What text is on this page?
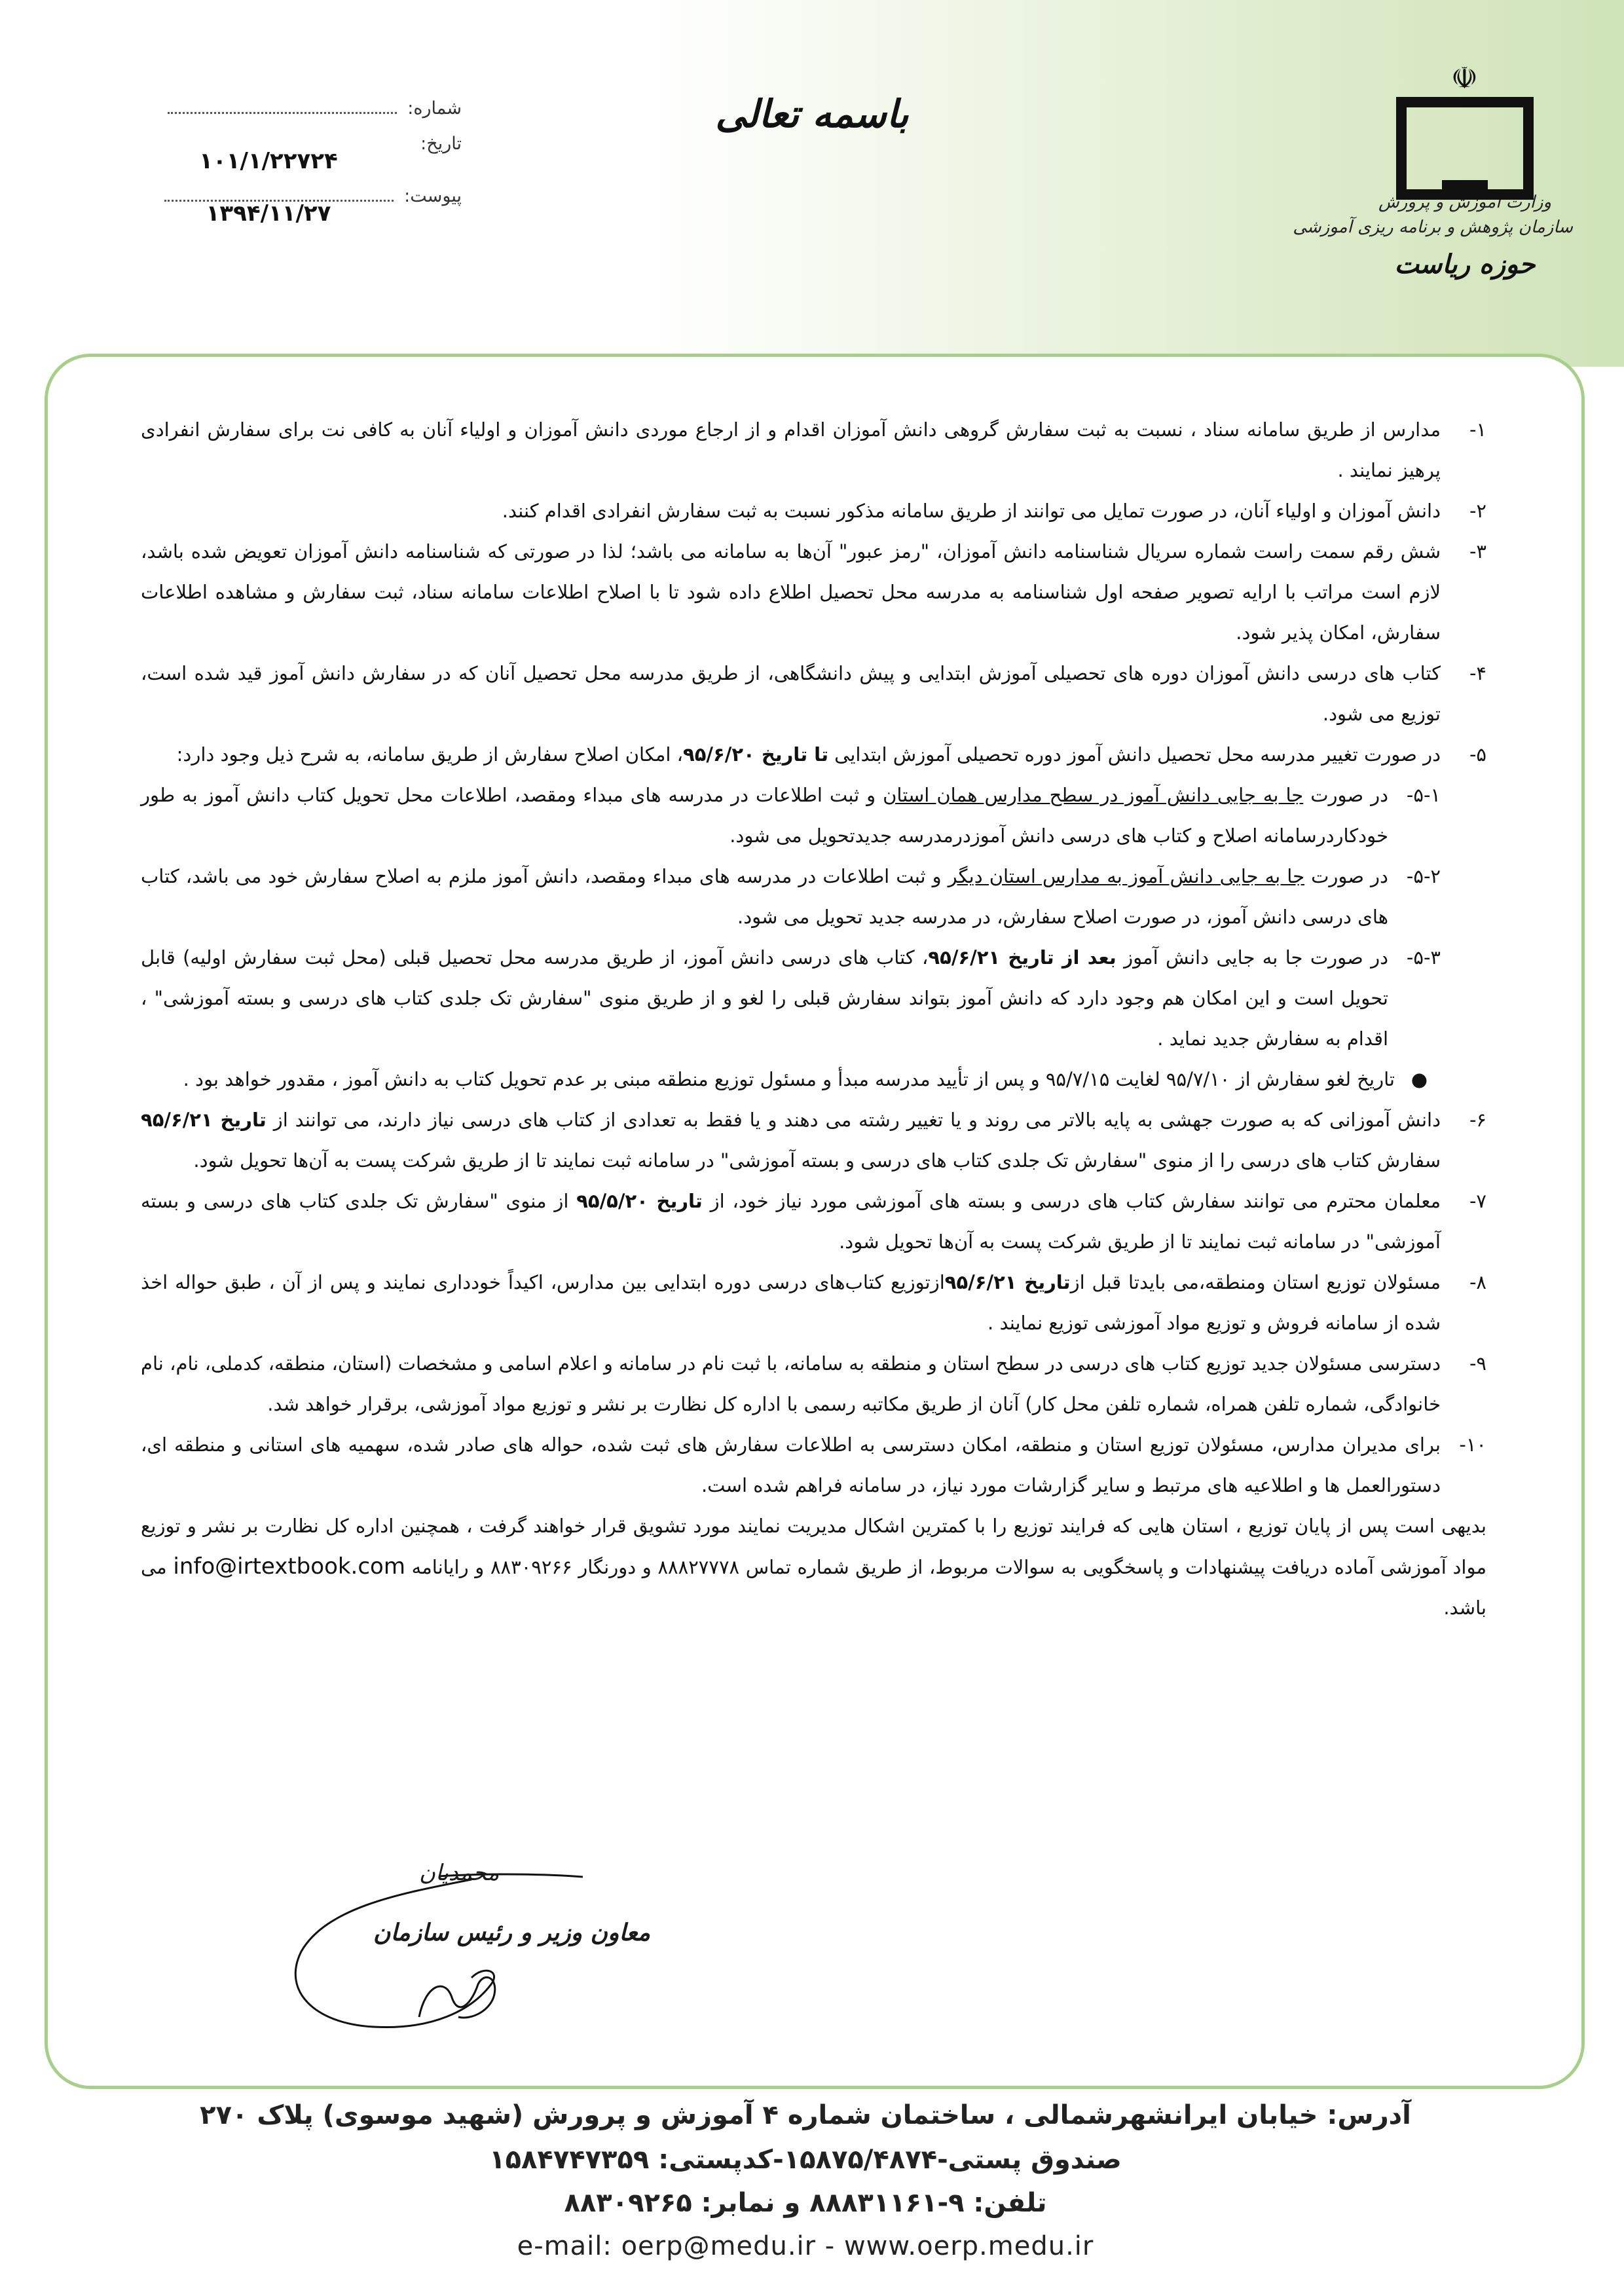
☫
وزارت آموزش و پرورش
سازمان پژوهش و برنامه ریزی آموزشی
حوزه ریاست
باسمه تعالی
شماره:
تاریخ:
۱۰۱/۱/۲۲۷۲۴
پیوست:
۱۳۹۴/۱۱/۲۷
۱-
مدارس از طریق سامانه سناد ، نسبت به ثبت سفارش گروهی دانش آموزان اقدام و از ارجاع موردی دانش آموزان و اولیاء آنان به کافی نت برای سفارش انفرادی پرهیز نمایند .
۲-
دانش آموزان و اولیاء آنان، در صورت تمایل می توانند از طریق سامانه مذکور نسبت به ثبت سفارش انفرادی اقدام کنند.
۳-
شش رقم سمت راست شماره سریال شناسنامه دانش آموزان، "رمز عبور" آن‌ها به سامانه می باشد؛ لذا در صورتی که شناسنامه دانش آموزان تعویض شده باشد، لازم است مراتب با ارایه تصویر صفحه اول شناسنامه به مدرسه محل تحصیل اطلاع داده شود تا با اصلاح اطلاعات سامانه سناد، ثبت سفارش و مشاهده اطلاعات سفارش، امکان پذیر شود.
۴-
کتاب های درسی دانش آموزان دوره های تحصیلی آموزش ابتدایی و پیش دانشگاهی، از طریق مدرسه محل تحصیل آنان که در سفارش دانش آموز قید شده است، توزیع می شود.
۵-
در صورت تغییر مدرسه محل تحصیل دانش آموز دوره تحصیلی آموزش ابتدایی تا تاریخ ۹۵/۶/۲۰، امکان اصلاح سفارش از طریق سامانه، به شرح ذیل وجود دارد:
۵-۱-
در صورت جا به جایی دانش آموز در سطح مدارس همان استان و ثبت اطلاعات در مدرسه های مبداء ومقصد، اطلاعات محل تحویل کتاب دانش آموز به طور خودکاردرسامانه اصلاح و کتاب های درسی دانش آموزدرمدرسه جدیدتحویل می شود.
۵-۲-
در صورت جا به جایی دانش آموز به مدارس استان دیگر و ثبت اطلاعات در مدرسه های مبداء ومقصد، دانش آموز ملزم به اصلاح سفارش خود می باشد، کتاب های درسی دانش آموز، در صورت اصلاح سفارش، در مدرسه جدید تحویل می شود.
۵-۳-
در صورت جا به جایی دانش آموز بعد از تاریخ ۹۵/۶/۲۱، کتاب های درسی دانش آموز، از طریق مدرسه محل تحصیل قبلی (محل ثبت سفارش اولیه) قابل تحویل است و این امکان هم وجود دارد که دانش آموز بتواند سفارش قبلی را لغو و از طریق منوی "سفارش تک جلدی کتاب های درسی و بسته آموزشی" ، اقدام به سفارش جدید نماید .
●
تاریخ لغو سفارش از ۹۵/۷/۱۰ لغایت ۹۵/۷/۱۵ و پس از تأیید مدرسه مبدأ و مسئول توزیع منطقه مبنی بر عدم تحویل کتاب به دانش آموز ، مقدور خواهد بود .
۶-
دانش آموزانی که به صورت جهشی به پایه بالاتر می روند و یا تغییر رشته می دهند و یا فقط به تعدادی از کتاب های درسی نیاز دارند، می توانند از تاریخ ۹۵/۶/۲۱ سفارش کتاب های درسی را از منوی "سفارش تک جلدی کتاب های درسی و بسته آموزشی" در سامانه ثبت نمایند تا از طریق شرکت پست به آن‌ها تحویل شود.
۷-
معلمان محترم می توانند سفارش کتاب های درسی و بسته های آموزشی مورد نیاز خود، از تاریخ ۹۵/۵/۲۰ از منوی "سفارش تک جلدی کتاب های درسی و بسته آموزشی" در سامانه ثبت نمایند تا از طریق شرکت پست به آن‌ها تحویل شود.
۸-
مسئولان توزیع استان ومنطقه،می بایدتا قبل ازتاریخ ۹۵/۶/۲۱ازتوزیع کتاب‌های درسی دوره ابتدایی بین مدارس، اکیداً خودداری نمایند و پس از آن ، طبق حواله اخذ شده از سامانه فروش و توزیع مواد آموزشی توزیع نمایند .
۹-
دسترسی مسئولان جدید توزیع کتاب های درسی در سطح استان و منطقه به سامانه، با ثبت نام در سامانه و اعلام اسامی و مشخصات (استان، منطقه، کدملی، نام، نام خانوادگی، شماره تلفن همراه، شماره تلفن محل کار) آنان از طریق مکاتبه رسمی با اداره کل نظارت بر نشر و توزیع مواد آموزشی، برقرار خواهد شد.
۱۰-
برای مدیران مدارس، مسئولان توزیع استان و منطقه، امکان دسترسی به اطلاعات سفارش های ثبت شده، حواله های صادر شده، سهمیه های استانی و منطقه ای، دستورالعمل ها و اطلاعیه های مرتبط و سایر گزارشات مورد نیاز، در سامانه فراهم شده است.
بدیهی است پس از پایان توزیع ، استان هایی که فرایند توزیع را با کمترین اشکال مدیریت نمایند مورد تشویق قرار خواهند گرفت ، همچنین اداره کل نظارت بر نشر و توزیع مواد آموزشی آماده دریافت پیشنهادات و پاسخگویی به سوالات مربوط، از طریق شماره تماس ۸۸۸۲۷۷۷۸ و دورنگار ۸۸۳۰۹۲۶۶ و رایانامه info@irtextbook.com می باشد.
محمدیان
معاون وزیر و رئیس سازمان
آدرس: خیابان ایرانشهرشمالی ، ساختمان شماره ۴ آموزش و پرورش (شهید موسوی) پلاک ۲۷۰
صندوق پستی-۱۵۸۷۵/۴۸۷۴-کدپستی: ۱۵۸۴۷۴۷۳۵۹
تلفن: ۹-۸۸۸۳۱۱۶۱ و نمابر: ۸۸۳۰۹۲۶۵
e-mail: oerp@medu.ir - www.oerp.medu.ir
